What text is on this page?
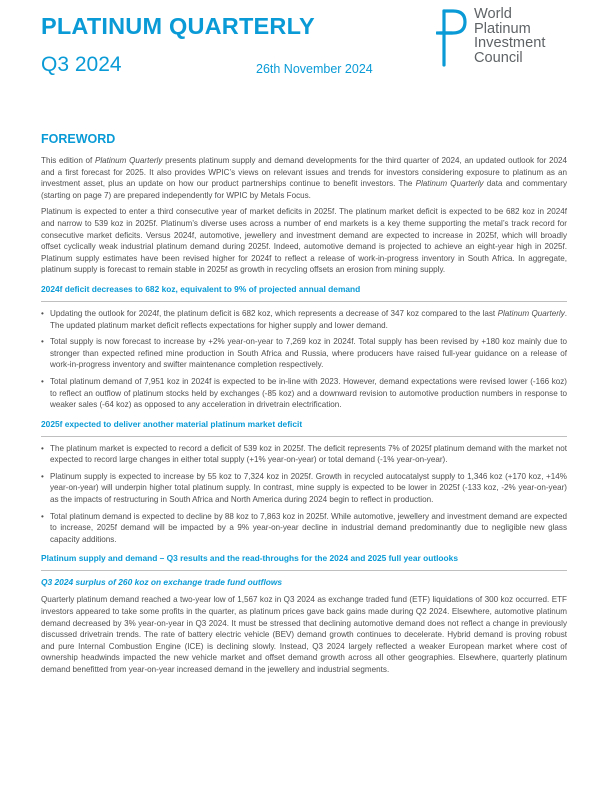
PLATINUM QUARTERLY
Q3 2024	26th November 2024
World
Platinum
Investment
Council
FOREWORD

This edition of Platinum Quarterly presents platinum supply and demand developments for the third quarter of 2024, an updated outlook for 2024 and a first forecast for 2025. It also provides WPIC’s views on relevant issues and trends for investors considering exposure to platinum as an investment asset, plus an update on how our product partnerships continue to benefit investors. The Platinum Quarterly data and commentary (starting on page 7) are prepared independently for WPIC by Metals Focus.

Platinum is expected to enter a third consecutive year of market deficits in 2025f. The platinum market deficit is expected to be 682 koz in 2024f and narrow to 539 koz in 2025f. Platinum’s diverse uses across a number of end markets is a key theme supporting the metal’s track record for consecutive market deficits. Versus 2024f, automotive, jewellery and investment demand are expected to increase in 2025f, which will broadly offset cyclically weak industrial platinum demand during 2025f. Indeed, automotive demand is projected to achieve an eight-year high in 2025f. Platinum supply estimates have been revised higher for 2024f to reflect a release of work-in-progress inventory in South Africa. In aggregate, platinum supply is forecast to remain stable in 2025f as growth in recycling offsets an erosion from mining supply.

2024f deficit decreases to 682 koz, equivalent to 9% of projected annual demand
• Updating the outlook for 2024f, the platinum deficit is 682 koz, which represents a decrease of 347 koz compared to the last Platinum Quarterly. The updated platinum market deficit reflects expectations for higher supply and lower demand.
• Total supply is now forecast to increase by +2% year-on-year to 7,269 koz in 2024f. Total supply has been revised by +180 koz mainly due to stronger than expected refined mine production in South Africa and Russia, where producers have raised full-year guidance on a release of work-in-progress inventory and swifter maintenance completion respectively.
• Total platinum demand of 7,951 koz in 2024f is expected to be in-line with 2023. However, demand expectations were revised lower (-166 koz) to reflect an outflow of platinum stocks held by exchanges (-85 koz) and a downward revision to automotive production numbers in response to weaker sales (-64 koz) as opposed to any acceleration in drivetrain electrification.
2025f expected to deliver another material platinum market deficit
• The platinum market is expected to record a deficit of 539 koz in 2025f. The deficit represents 7% of 2025f platinum demand with the market not expected to record large changes in either total supply (+1% year-on-year) or total demand (-1% year-on-year).
• Platinum supply is expected to increase by 55 koz to 7,324 koz in 2025f. Growth in recycled autocatalyst supply to 1,346 koz (+170 koz, +14% year-on-year) will underpin higher total platinum supply. In contrast, mine supply is expected to be lower in 2025f (-133 koz, -2% year-on-year) as the impacts of restructuring in South Africa and North America during 2024 begin to reflect in production.
• Total platinum demand is expected to decline by 88 koz to 7,863 koz in 2025f. While automotive, jewellery and investment demand are expected to increase, 2025f demand will be impacted by a 9% year-on-year decline in industrial demand predominantly due to negligible new glass capacity additions.
Platinum supply and demand – Q3 results and the read-throughs for the 2024 and 2025 full year outlooks
Q3 2024 surplus of 260 koz on exchange trade fund outflows

Quarterly platinum demand reached a two-year low of 1,567 koz in Q3 2024 as exchange traded fund (ETF) liquidations of 300 koz occurred. ETF investors appeared to take some profits in the quarter, as platinum prices gave back gains made during Q2 2024. Elsewhere, automotive platinum demand decreased by 3% year-on-year in Q3 2024. It must be stressed that declining automotive demand does not reflect a change in previously discussed drivetrain trends. The rate of battery electric vehicle (BEV) demand growth continues to decelerate. Hybrid demand is proving robust and pure Internal Combustion Engine (ICE) is declining slowly. Instead, Q3 2024 largely reflected a weaker European market where cost of ownership headwinds impacted the new vehicle market and offset demand growth across all other geographies. Elsewhere, quarterly platinum demand benefitted from year-on-year increased demand in the jewellery and industrial segments.
